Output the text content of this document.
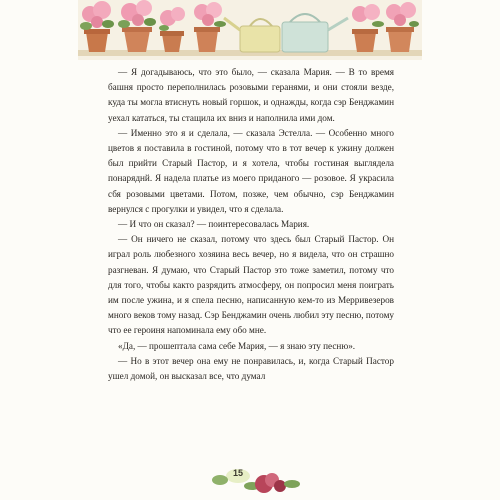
— Я догадываюсь, что это было, — сказала Мария. — В то время башня просто переполнилась розовыми геранями, и они стояли везде, куда ты могла втиснуть новый горшок, и однажды, когда сэр Бенджамин уехал кататься, ты стащила их вниз и наполнила ими дом.

— Именно это я и сделала, — сказала Эстелла. — Особенно много цветов я поставила в гостиной, потому что в тот вечер к ужину должен был прийти Старый Пастор, и я хотела, чтобы гостиная выглядела понаряднй. Я надела платье из моего приданого — розовое. Я украсила сбя розовыми цветами. Потом, позже, чем обычно, сэр Бенджамин вернулся с прогулки и увидел, что я сделала.

— И что он сказал? — поинтересовалась Мария.

— Он ничего не сказал, потому что здесь был Старый Пастор. Он играл роль любезного хозяина весь вечер, но я видела, что он страшно разгневан. Я думаю, что Старый Пастор это тоже заметил, потому что для того, чтобы както разрядить атмосферу, он попросил меня поиграть им после ужина, и я спела песню, написанную кем-то из Мерривезеров много веков тому назад. Сэр Бенджамин очень любил эту песню, потому что ее героиня напоминала ему обо мне.

«Да, — прошептала сама себе Мария, — я знаю эту песню».

— Но в этот вечер она ему не понравилась, и, когда Старый Пастор ушел домой, он высказал все, что думал

15
